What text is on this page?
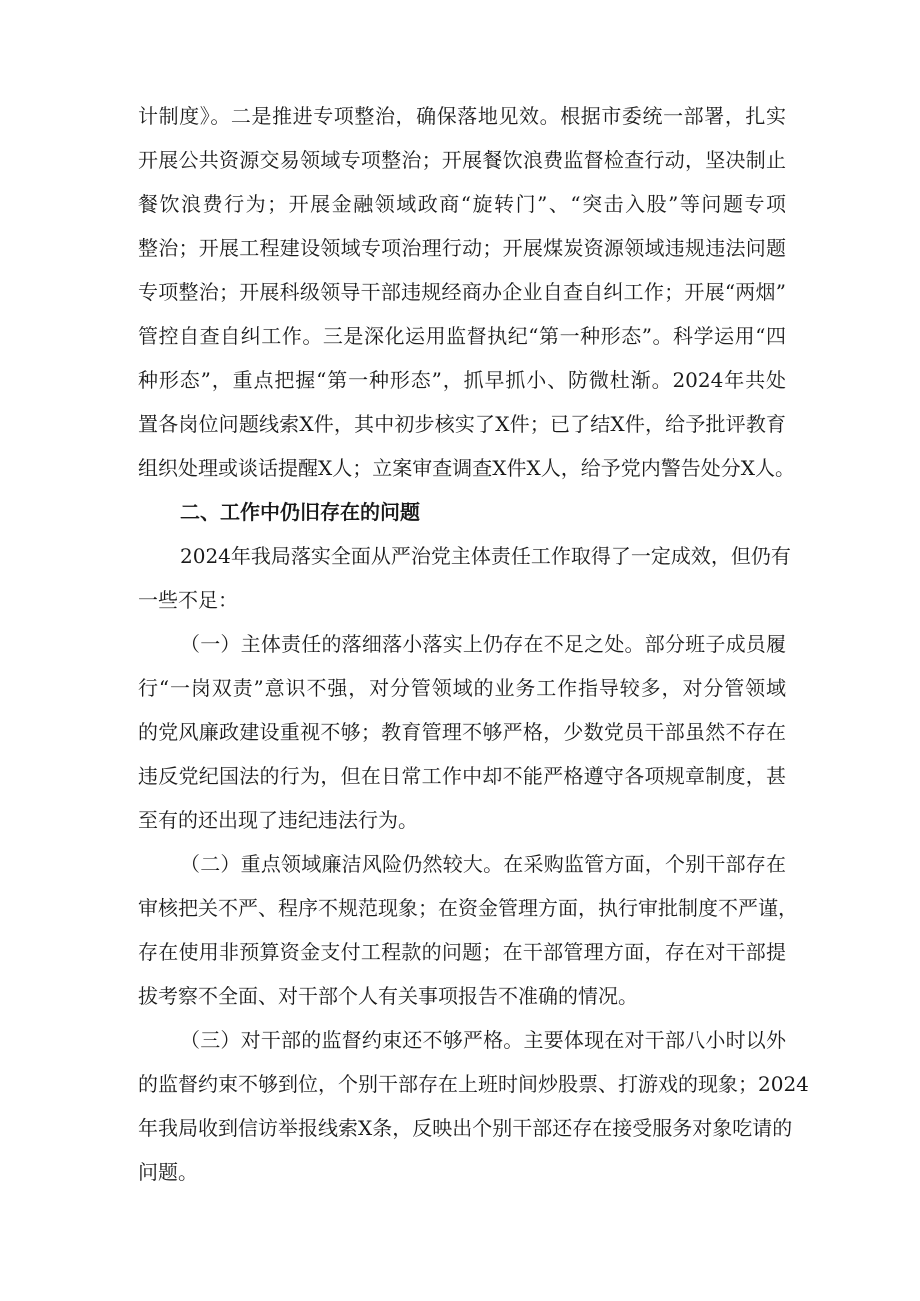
计制度》。二是推进专项整治，确保落地见效。根据市委统一部署，扎实
开展公共资源交易领域专项整治；开展餐饮浪费监督检查行动，坚决制止
餐饮浪费行为；开展金融领域政商“旋转门”、“突击入股”等问题专项
整治；开展工程建设领域专项治理行动；开展煤炭资源领域违规违法问题
专项整治；开展科级领导干部违规经商办企业自查自纠工作；开展“两烟”
管控自查自纠工作。三是深化运用监督执纪“第一种形态”。科学运用“四
种形态”，重点把握“第一种形态”，抓早抓小、防微杜渐。2024年共处
置各岗位问题线索X件，其中初步核实了X件；已了结X件，给予批评教育
组织处理或谈话提醒X人；立案审查调查X件X人，给予党内警告处分X人。
二、工作中仍旧存在的问题
2024年我局落实全面从严治党主体责任工作取得了一定成效，但仍有
一些不足：
（一）主体责任的落细落小落实上仍存在不足之处。部分班子成员履
行“一岗双责”意识不强，对分管领域的业务工作指导较多，对分管领域
的党风廉政建设重视不够；教育管理不够严格，少数党员干部虽然不存在
违反党纪国法的行为，但在日常工作中却不能严格遵守各项规章制度，甚
至有的还出现了违纪违法行为。
（二）重点领域廉洁风险仍然较大。在采购监管方面，个别干部存在
审核把关不严、程序不规范现象；在资金管理方面，执行审批制度不严谨，
存在使用非预算资金支付工程款的问题；在干部管理方面，存在对干部提
拔考察不全面、对干部个人有关事项报告不准确的情况。
（三）对干部的监督约束还不够严格。主要体现在对干部八小时以外
的监督约束不够到位，个别干部存在上班时间炒股票、打游戏的现象；2024
年我局收到信访举报线索X条，反映出个别干部还存在接受服务对象吃请的
问题。
